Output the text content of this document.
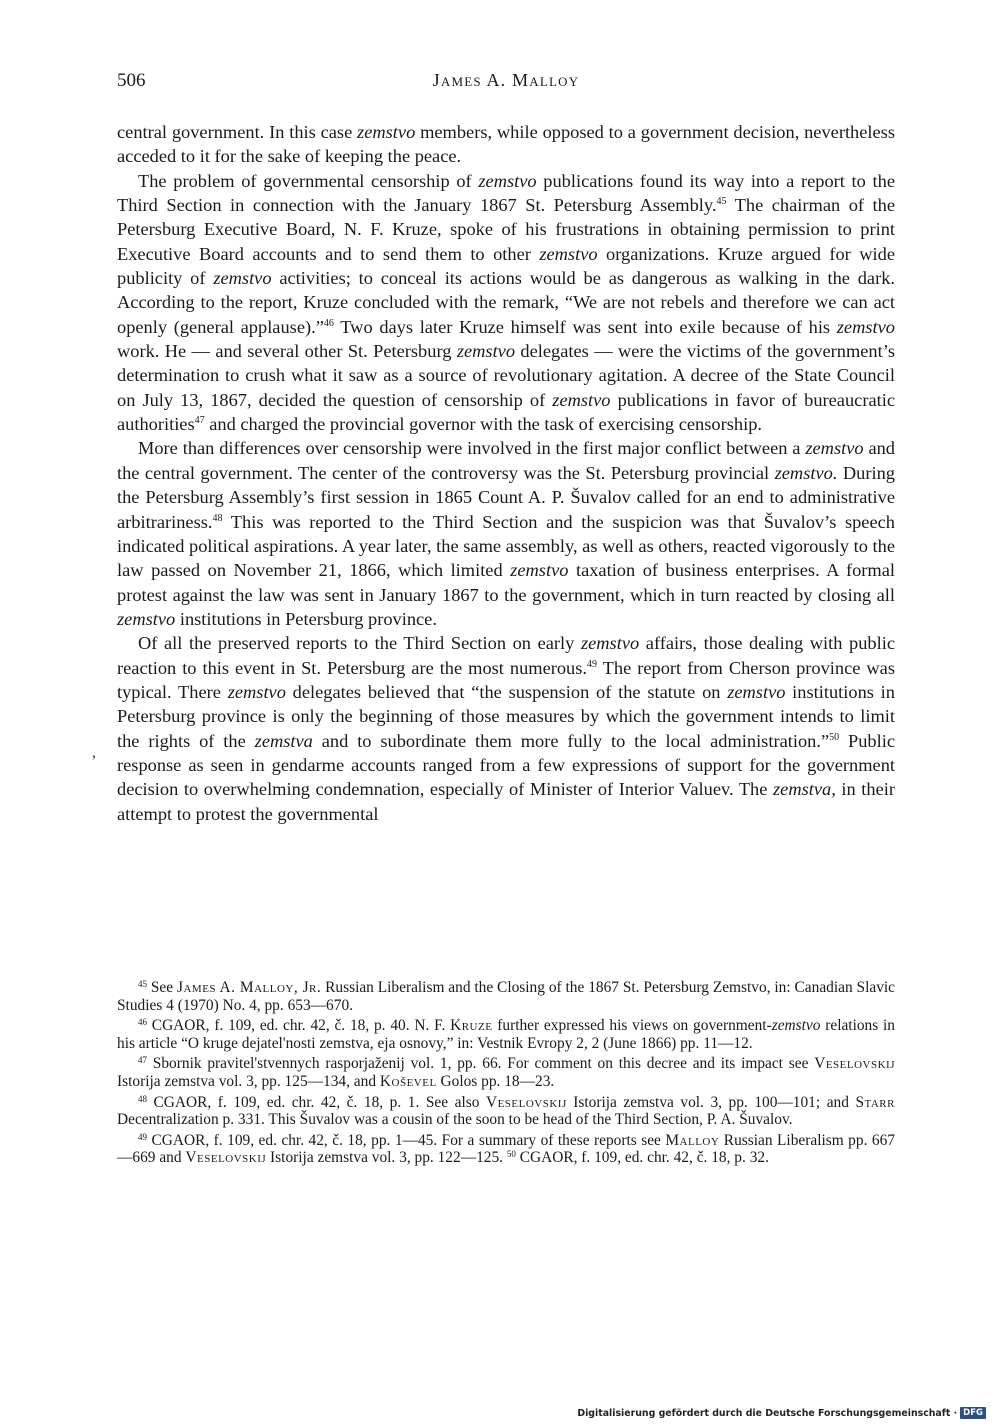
506	James A. Malloy

central government. In this case zemstvo members, while opposed to a government decision, nevertheless acceded to it for the sake of keeping the peace.

The problem of governmental censorship of zemstvo publications found its way into a report to the Third Section in connection with the January 1867 St. Petersburg Assembly.$^{45}$ The chairman of the Petersburg Executive Board, N. F. Kruze, spoke of his frustrations in obtaining permission to print Executive Board accounts and to send them to other zemstvo organizations. Kruze argued for wide publicity of zemstvo activities; to conceal its actions would be as dangerous as walking in the dark. According to the report, Kruze concluded with the remark, “We are not rebels and therefore we can act openly (general applause).”$^{46}$ Two days later Kruze himself was sent into exile because of his zemstvo work. He — and several other St. Petersburg zemstvo delegates — were the victims of the government’s determination to crush what it saw as a source of revolutionary agitation. A decree of the State Council on July 13, 1867, decided the question of censorship of zemstvo publications in favor of bureaucratic authorities$^{47}$ and charged the provincial governor with the task of exercising censorship.

More than differences over censorship were involved in the first major conflict between a zemstvo and the central government. The center of the controversy was the St. Petersburg provincial zemstvo. During the Petersburg Assembly’s first session in 1865 Count A. P. Šuvalov called for an end to administrative arbitrariness.$^{48}$ This was reported to the Third Section and the suspicion was that Šuvalov’s speech indicated political aspirations. A year later, the same assembly, as well as others, reacted vigorously to the law passed on November 21, 1866, which limited zemstvo taxation of business enterprises. A formal protest against the law was sent in January 1867 to the government, which in turn reacted by closing all zemstvo institutions in Petersburg province.

Of all the preserved reports to the Third Section on early zemstvo affairs, those dealing with public reaction to this event in St. Petersburg are the most numerous.$^{49}$ The report from Cherson province was typical. There zemstvo delegates believed that “the suspension of the statute on zemstvo institutions in Petersburg province is only the beginning of those measures by which the government intends to limit the rights of the zemstva and to subordinate them more fully to the local administration.”$^{50}$ Public response as seen in gendarme accounts ranged from a few expressions of support for the government decision to overwhelming condemnation, especially of Minister of Interior Valuev. The zemstva, in their attempt to protest the governmental

,

$^{45}$ See James A. Malloy, Jr. Russian Liberalism and the Closing of the 1867 St. Petersburg Zemstvo, in: Canadian Slavic Studies 4 (1970) No. 4, pp. 653—670.

$^{46}$ CGAOR, f. 109, ed. chr. 42, č. 18, p. 40. N. F. Kruze further expressed his views on government-zemstvo relations in his article “O kruge dejatel'nosti zemstva, eja osnovy,” in: Vestnik Evropy 2, 2 (June 1866) pp. 11—12.

$^{47}$ Sbornik pravitel'stvennych rasporjaženij vol. 1, pp. 66. For comment on this decree and its impact see Veselovskij Istorija zemstva vol. 3, pp. 125—134, and Koševel Golos pp. 18—23.

$^{48}$ CGAOR, f. 109, ed. chr. 42, č. 18, p. 1. See also Veselovskij Istorija zemstva vol. 3, pp. 100—101; and Starr Decentralization p. 331. This Šuvalov was a cousin of the soon to be head of the Third Section, P. A. Šuvalov.

$^{49}$ CGAOR, f. 109, ed. chr. 42, č. 18, pp. 1—45. For a summary of these reports see Malloy Russian Liberalism pp. 667—669 and Veselovskij Istorija zemstva vol. 3, pp. 122—125. $^{50}$ CGAOR, f. 109, ed. chr. 42, č. 18, p. 32.

Digitalisierung gefördert durch die Deutsche Forschungsgemeinschaft · DFG
